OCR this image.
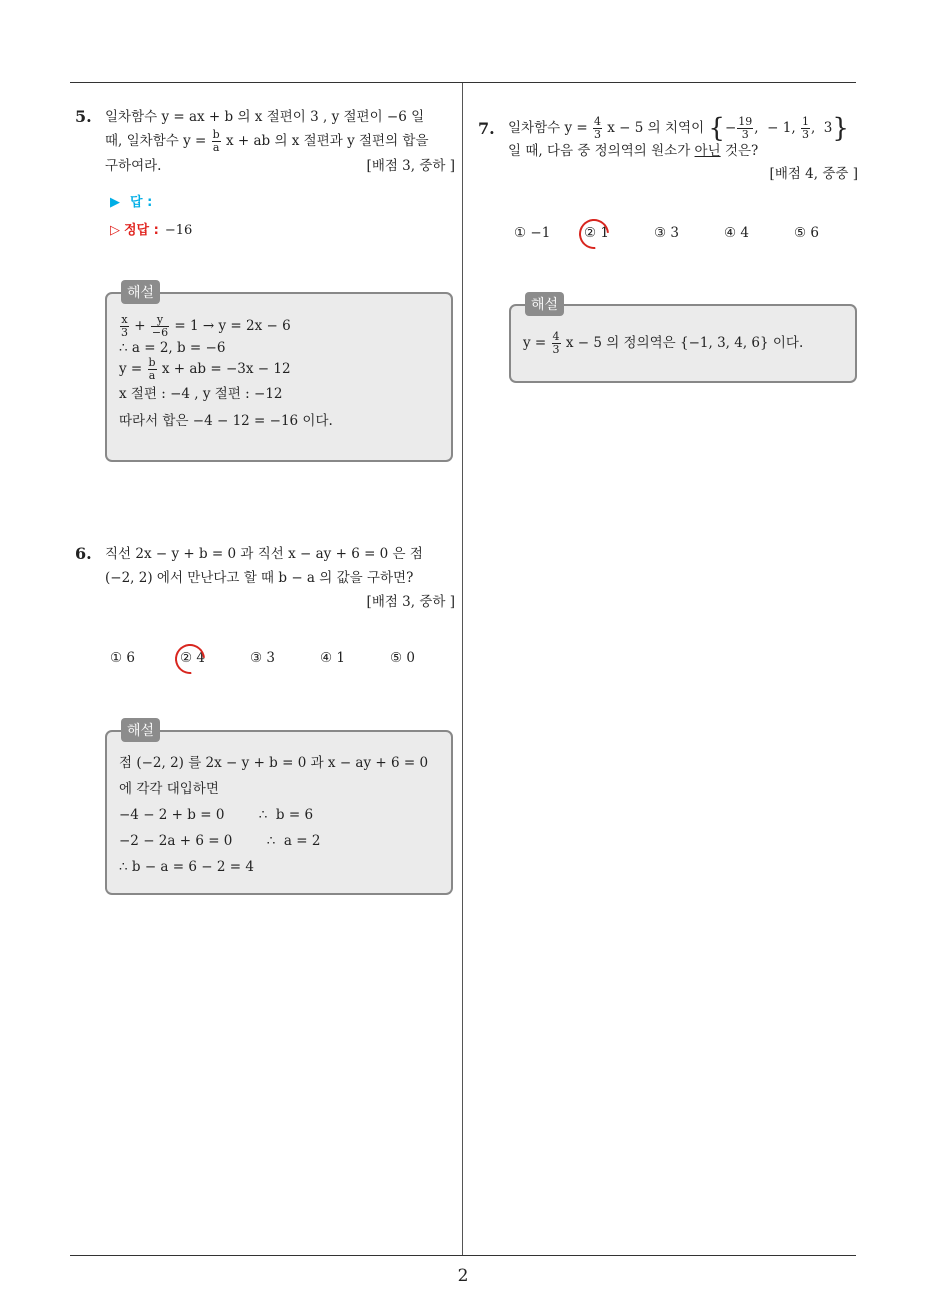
2
5. 일차함수 y = ax + b 의 x 절편이 3 , y 절편이 −6 일
때, 일차함수 $y = \frac{b}{a}$ x + ab 의 x 절편과 y 절편의 합을
구하여라.	[배점 3, 중하 ]
▶ 답 :
▷ 정답 : −16
해설
$\frac{x}{3} + \frac{y}{-6} = 1 \to y = 2x - 6$
∴ a = 2, b = −6
$y = \frac{b}{a}$ x + ab = −3x − 12
x 절편 : −4 , y 절편 : −12
따라서 합은 −4 − 12 = −16 이다.
6. 직선 2x − y + b = 0 과 직선 x − ay + 6 = 0 은 점
(−2, 2) 에서 만난다고 할 때 b − a 의 값을 구하면?
[배점 3, 중하 ]
① 6	② 4	③ 3	④ 1	⑤ 0
해설
점 (−2, 2) 를 2x − y + b = 0 과 x − ay + 6 = 0
에 각각 대입하면
−4 − 2 + b = 0        ∴  b = 6
−2 − 2a + 6 = 0        ∴  a = 2
∴ b − a = 6 − 2 = 4
7. 일차함수 $y = \frac{4}{3}$ x − 5 의 치역이 {− $\frac{19}{3}$ ,  − 1, $\frac{1}{3}$ ,  3}
일 때, 다음 중 정의역의 원소가 아닌 것은?
[배점 4, 중중 ]
① −1 ② 1	③ 3	④ 4	⑤ 6
해설
$y = \frac{4}{3}$ x − 5 의 정의역은 {−1, 3, 4, 6} 이다.
